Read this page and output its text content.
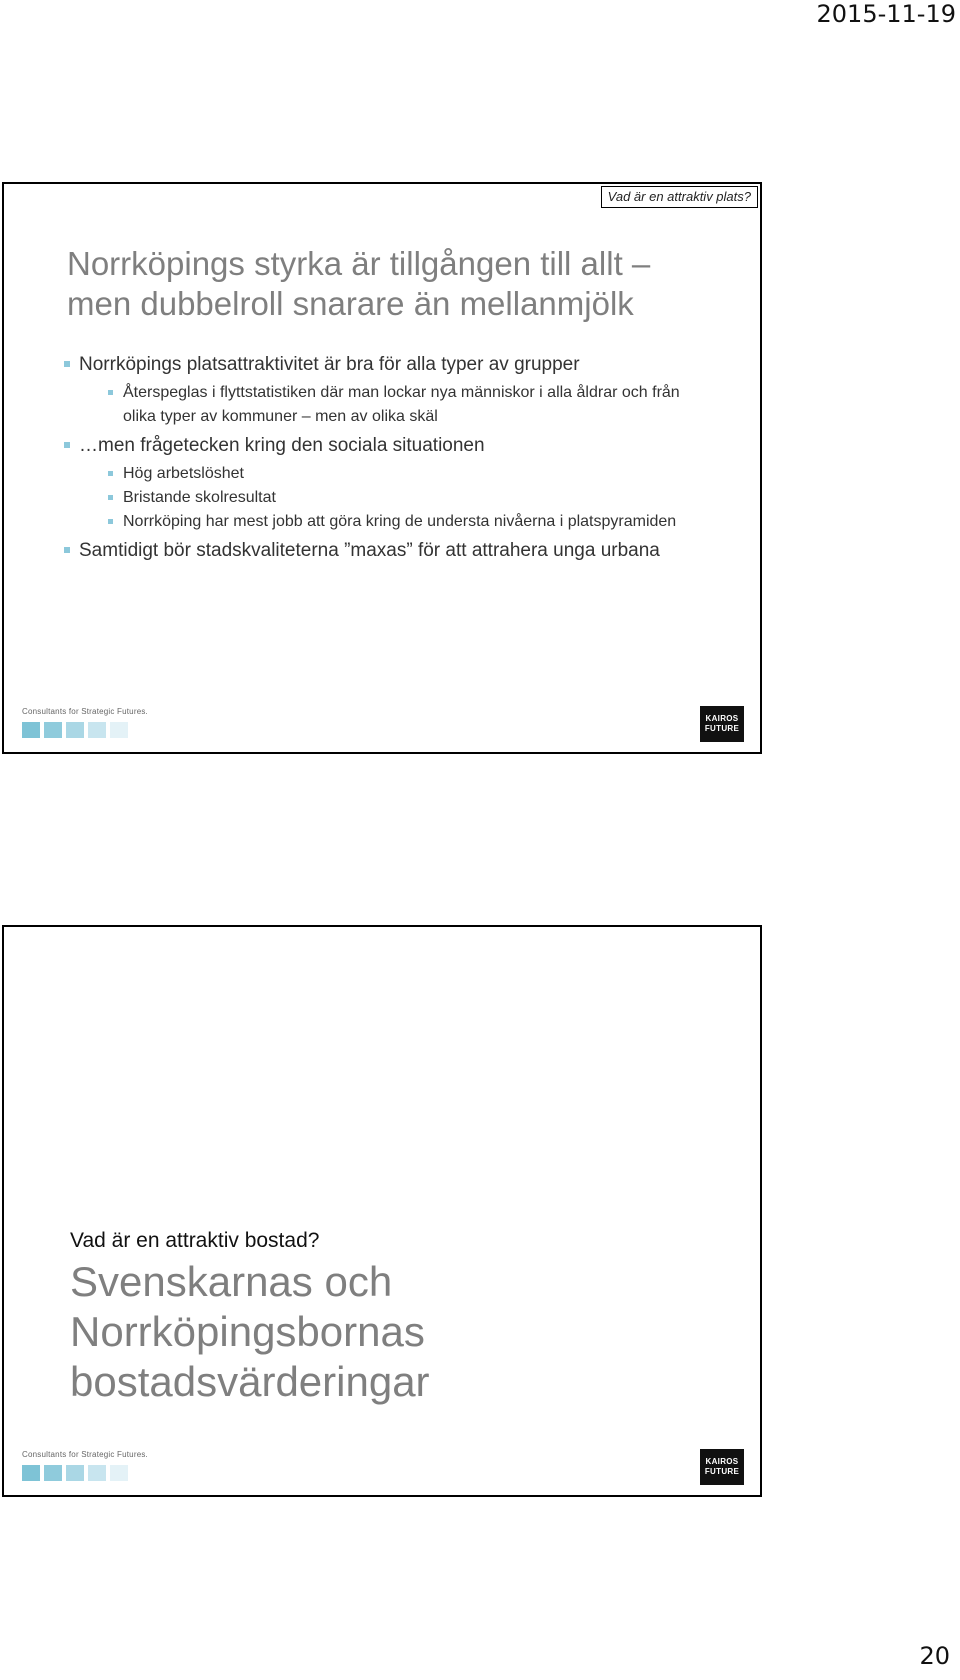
2015-11-19
Vad är en attraktiv plats?
Norrköpings styrka är tillgången till allt –
men dubbelroll snarare än mellanmjölk
Norrköpings platsattraktivitet är bra för alla typer av grupper
Återspeglas i flyttstatistiken där man lockar nya människor i alla åldrar och från olika typer av kommuner – men av olika skäl
…men frågetecken kring den sociala situationen
Hög arbetslöshet
Bristande skolresultat
Norrköping har mest jobb att göra kring de understa nivåerna i platspyramiden
Samtidigt bör stadskvaliteterna ”maxas” för att attrahera unga urbana
Consultants for Strategic Futures.
KAIROS
FUTURE
Vad är en attraktiv bostad?
Svenskarnas och
Norrköpingsbornas
bostadsvärderingar
Consultants for Strategic Futures.
KAIROS
FUTURE
20
